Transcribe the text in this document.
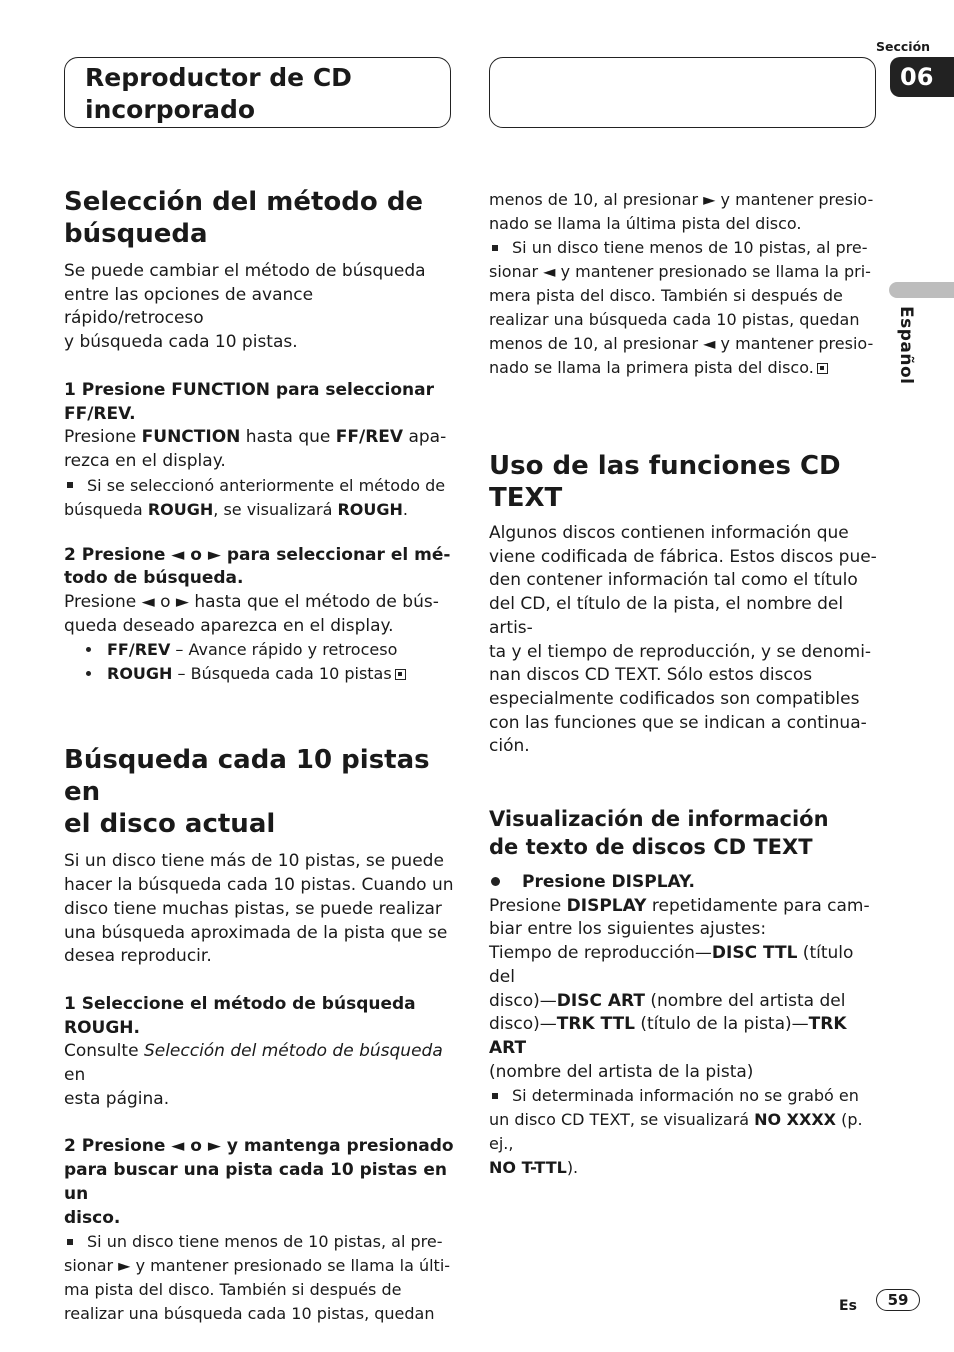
Sección
06
Reproductor de CD
incorporado
Español
Selección del método de
búsqueda

Se puede cambiar el método de búsqueda

entre las opciones de avance rápido/retroceso

y búsqueda cada 10 pistas.

1 Presione FUNCTION para seleccionar
FF/REV.

Presione FUNCTION hasta que FF/REV apa-

rezca en el display.

Si se seleccionó anteriormente el método de
búsqueda ROUGH, se visualizará ROUGH.
2 Presione ◄ o ► para seleccionar el mé-
todo de búsqueda.

Presione ◄ o ► hasta que el método de bús-

queda deseado aparezca en el display.

FF/REV – Avance rápido y retroceso
ROUGH – Búsqueda cada 10 pistas
Búsqueda cada 10 pistas en
el disco actual

Si un disco tiene más de 10 pistas, se puede

hacer la búsqueda cada 10 pistas. Cuando un

disco tiene muchas pistas, se puede realizar

una búsqueda aproximada de la pista que se

desea reproducir.

1 Seleccione el método de búsqueda
ROUGH.

Consulte Selección del método de búsqueda en

esta página.

2 Presione ◄ o ► y mantenga presionado
para buscar una pista cada 10 pistas en un
disco.
Si un disco tiene menos de 10 pistas, al pre-
sionar ► y mantener presionado se llama la últi-
ma pista del disco. También si después de
realizar una búsqueda cada 10 pistas, quedan
menos de 10, al presionar ► y mantener presio-
nado se llama la última pista del disco.
Si un disco tiene menos de 10 pistas, al pre-
sionar ◄ y mantener presionado se llama la pri-
mera pista del disco. También si después de
realizar una búsqueda cada 10 pistas, quedan
menos de 10, al presionar ◄ y mantener presio-
nado se llama la primera pista del disco.
Uso de las funciones CD TEXT

Algunos discos contienen información que

viene codificada de fábrica. Estos discos pue-

den contener información tal como el título

del CD, el título de la pista, el nombre del artis-

ta y el tiempo de reproducción, y se denomi-

nan discos CD TEXT. Sólo estos discos

especialmente codificados son compatibles

con las funciones que se indican a continua-

ción.

Visualización de información
de texto de discos CD TEXT
Presione DISPLAY.

Presione DISPLAY repetidamente para cam-

biar entre los siguientes ajustes:

Tiempo de reproducción—DISC TTL (título del

disco)—DISC ART (nombre del artista del

disco)—TRK TTL (título de la pista)—TRK ART

(nombre del artista de la pista)

Si determinada información no se grabó en
un disco CD TEXT, se visualizará NO XXXX (p. ej.,
NO T-TTL).
Es	59
